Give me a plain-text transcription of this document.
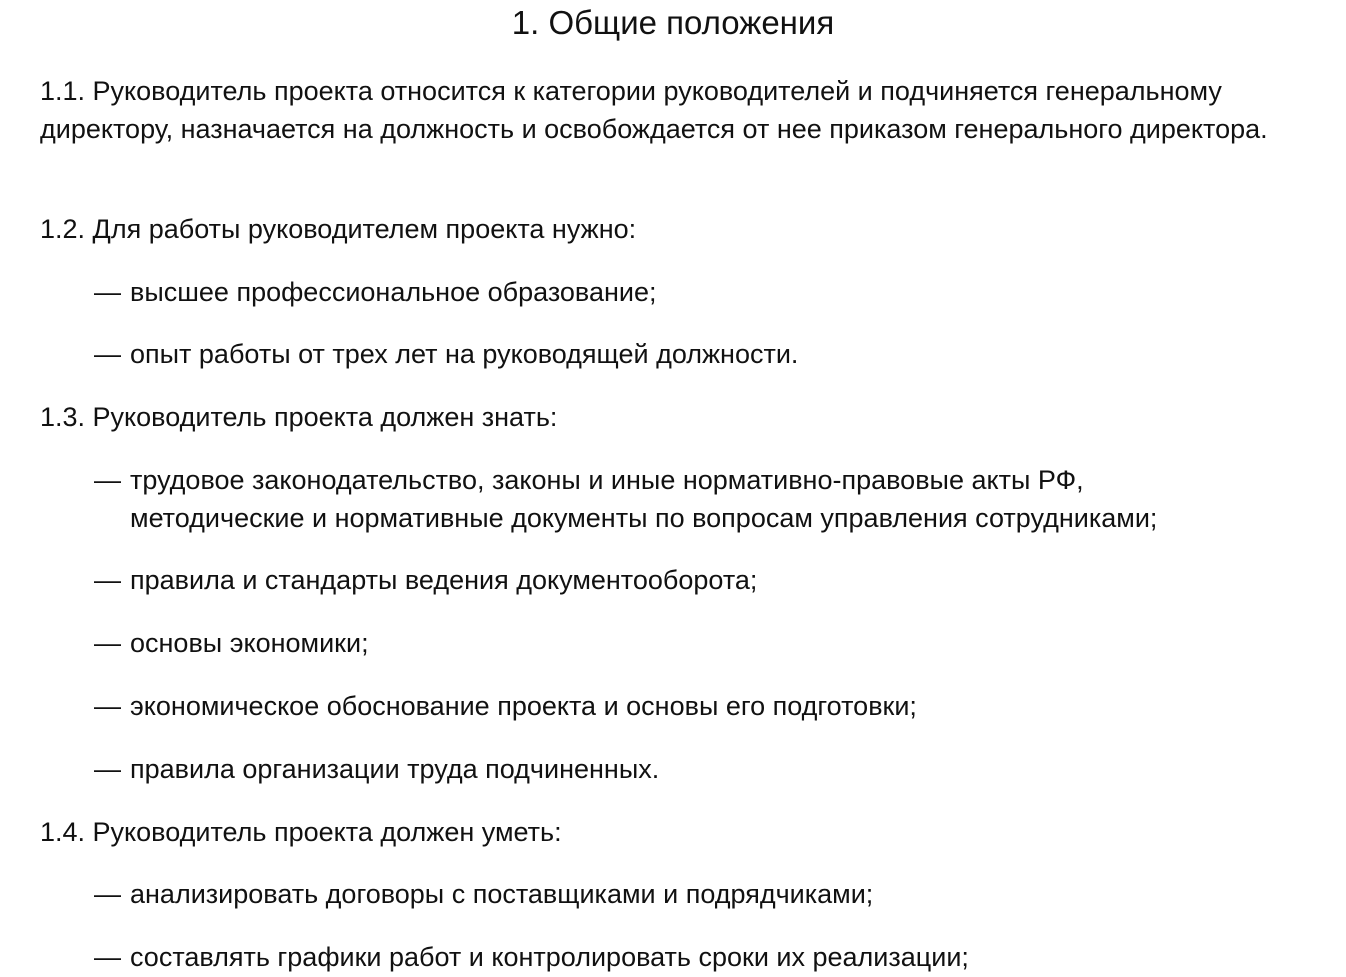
1. Общие положения

1.1. Руководитель проекта относится к категории руководителей и подчиняется генеральному директору, назначается на должность и освобождается от нее приказом генерального директора.

1.2. Для работы руководителем проекта нужно:

— высшее профессиональное образование;
— опыт работы от трех лет на руководящей должности.

1.3. Руководитель проекта должен знать:

— трудовое законодательство, законы и иные нормативно-правовые акты РФ, методические и нормативные документы по вопросам управления сотрудниками;
— правила и стандарты ведения документооборота;
— основы экономики;
— экономическое обоснование проекта и основы его подготовки;
— правила организации труда подчиненных.

1.4. Руководитель проекта должен уметь:

— анализировать договоры с поставщиками и подрядчиками;
— составлять графики работ и контролировать сроки их реализации;
